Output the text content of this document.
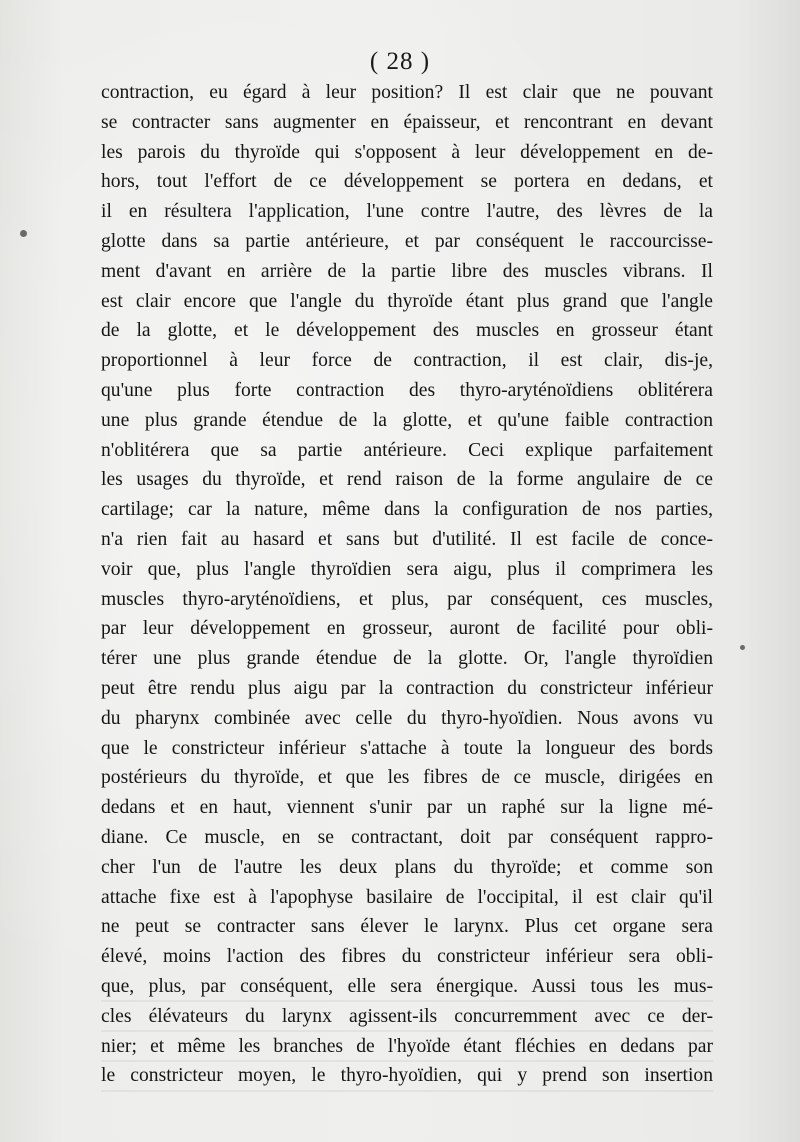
( 28 )
contraction, eu égard à leur position? Il est clair que ne pouvant
se contracter sans augmenter en épaisseur, et rencontrant en devant
les parois du thyroïde qui s'opposent à leur développement en de-
hors, tout l'effort de ce développement se portera en dedans, et
il en résultera l'application, l'une contre l'autre, des lèvres de la
glotte dans sa partie antérieure, et par conséquent le raccourcisse-
ment d'avant en arrière de la partie libre des muscles vibrans. Il
est clair encore que l'angle du thyroïde étant plus grand que l'angle
de la glotte, et le développement des muscles en grosseur étant
proportionnel à leur force de contraction, il est clair, dis-je,
qu'une plus forte contraction des thyro-aryténoïdiens oblitérera
une plus grande étendue de la glotte, et qu'une faible contraction
n'oblitérera que sa partie antérieure. Ceci explique parfaitement
les usages du thyroïde, et rend raison de la forme angulaire de ce
cartilage; car la nature, même dans la configuration de nos parties,
n'a rien fait au hasard et sans but d'utilité. Il est facile de conce-
voir que, plus l'angle thyroïdien sera aigu, plus il comprimera les
muscles thyro-aryténoïdiens, et plus, par conséquent, ces muscles,
par leur développement en grosseur, auront de facilité pour obli-
térer une plus grande étendue de la glotte. Or, l'angle thyroïdien
peut être rendu plus aigu par la contraction du constricteur inférieur
du pharynx combinée avec celle du thyro-hyoïdien. Nous avons vu
que le constricteur inférieur s'attache à toute la longueur des bords
postérieurs du thyroïde, et que les fibres de ce muscle, dirigées en
dedans et en haut, viennent s'unir par un raphé sur la ligne mé-
diane. Ce muscle, en se contractant, doit par conséquent rappro-
cher l'un de l'autre les deux plans du thyroïde; et comme son
attache fixe est à l'apophyse basilaire de l'occipital, il est clair qu'il
ne peut se contracter sans élever le larynx. Plus cet organe sera
élevé, moins l'action des fibres du constricteur inférieur sera obli-
que, plus, par conséquent, elle sera énergique. Aussi tous les mus-
cles élévateurs du larynx agissent-ils concurremment avec ce der-
nier; et même les branches de l'hyoïde étant fléchies en dedans par
le constricteur moyen, le thyro-hyoïdien, qui y prend son insertion
